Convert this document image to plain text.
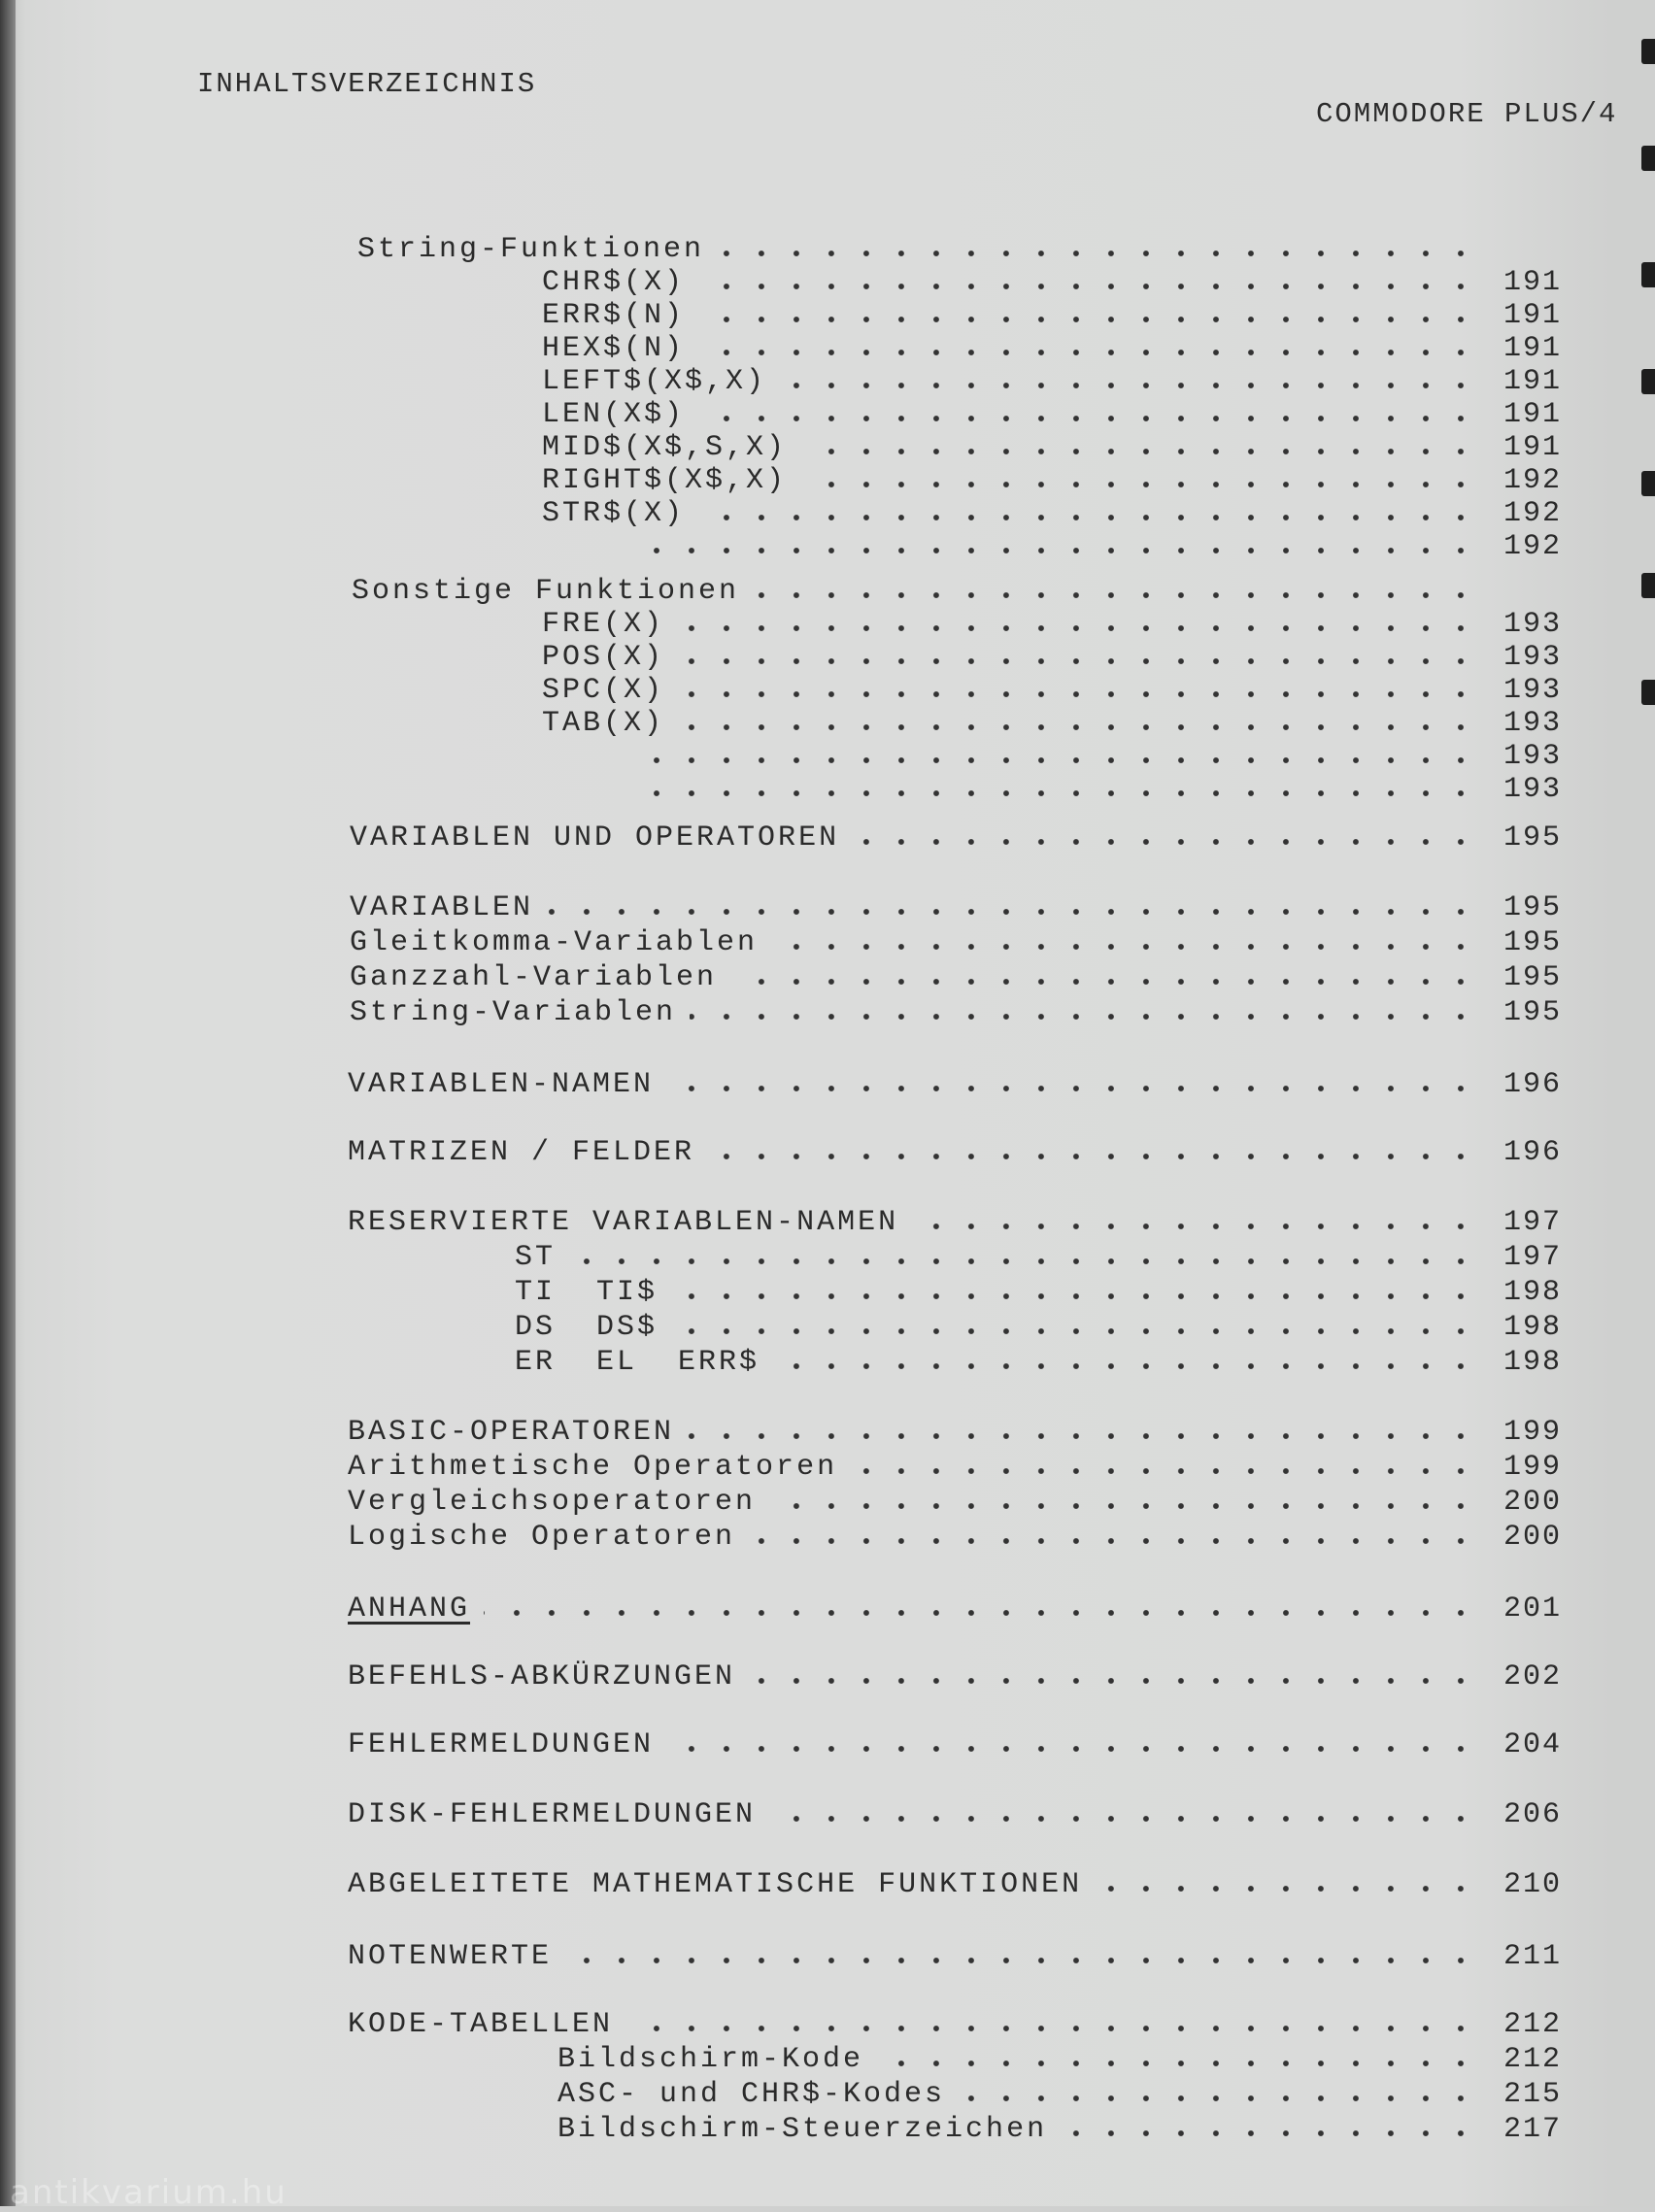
INHALTSVERZEICHNIS
COMMODORE PLUS/4
String-Funktionen
CHR$(X)	191
ERR$(N)	191
HEX$(N)	191
LEFT$(X$,X)	191
LEN(X$)	191
MID$(X$,S,X)	191
RIGHT$(X$,X)	192
STR$(X)	192
192
Sonstige Funktionen
FRE(X)	193
POS(X)	193
SPC(X)	193
TAB(X)	193
193
193
VARIABLEN UND OPERATOREN	195
VARIABLEN	195
Gleitkomma-Variablen	195
Ganzzahl-Variablen	195
String-Variablen	195
VARIABLEN-NAMEN	196
MATRIZEN / FELDER	196
RESERVIERTE VARIABLEN-NAMEN	197
ST	197
TI  TI$	198
DS  DS$	198
ER  EL  ERR$	198
BASIC-OPERATOREN	199
Arithmetische Operatoren	199
Vergleichsoperatoren	200
Logische Operatoren	200
ANHANG	201
BEFEHLS-ABKÜRZUNGEN	202
FEHLERMELDUNGEN	204
DISK-FEHLERMELDUNGEN	206
ABGELEITETE MATHEMATISCHE FUNKTIONEN	210
NOTENWERTE	211
KODE-TABELLEN	212
Bildschirm-Kode	212
ASC- und CHR$-Kodes	215
Bildschirm-Steuerzeichen	217
antikvarium.hu
